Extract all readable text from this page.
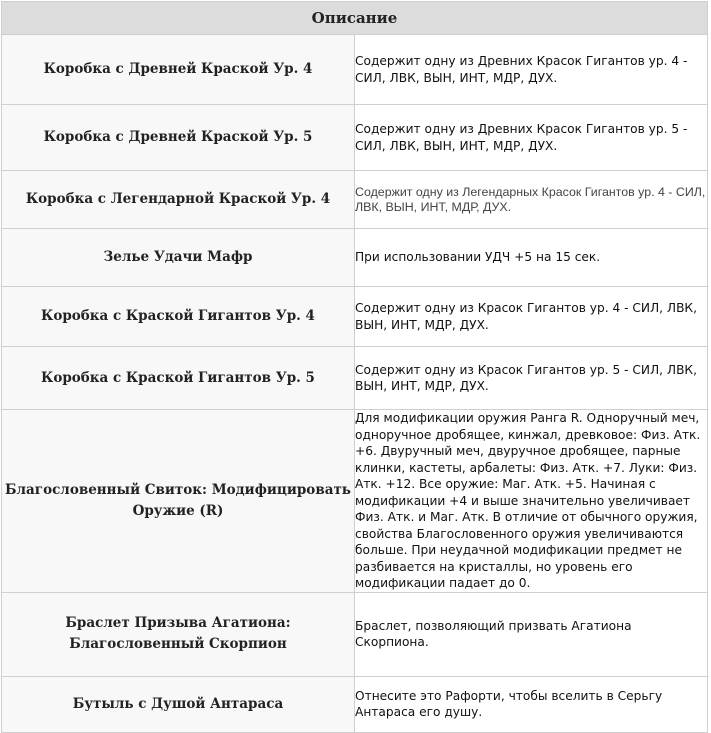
Описание	
Коробка с Древней Краской Ур. 4	Содержит одну из Древних Красок Гигантов ур. 4 - СИЛ, ЛВК, ВЫН, ИНТ, МДР, ДУХ.
Коробка с Древней Краской Ур. 5	Содержит одну из Древних Красок Гигантов ур. 5 - СИЛ, ЛВК, ВЫН, ИНТ, МДР, ДУХ.
Коробка с Легендарной Краской Ур. 4	Содержит одну из Легендарных Красок Гигантов ур. 4 - СИЛ, ЛВК, ВЫН, ИНТ, МДР, ДУХ.
Зелье Удачи Мафр	При использовании УДЧ +5 на 15 сек.
Коробка с Краской Гигантов Ур. 4	Содержит одну из Красок Гигантов ур. 4 - СИЛ, ЛВК, ВЫН, ИНТ, МДР, ДУХ.
Коробка с Краской Гигантов Ур. 5	Содержит одну из Красок Гигантов ур. 5 - СИЛ, ЛВК, ВЫН, ИНТ, МДР, ДУХ.
Благословенный Свиток: Модифицировать Оружие (R)	Для модификации оружия Ранга R. Одноручный меч, одноручное дробящее, кинжал, древковое: Физ. Атк. +6. Двуручный меч, двуручное дробящее, парные клинки, кастеты, арбалеты: Физ. Атк. +7. Луки: Физ. Атк. +12. Все оружие: Маг. Атк. +5. Начиная с модификации +4 и выше значительно увеличивает Физ. Атк. и Маг. Атк. В отличие от обычного оружия, свойства Благословенного оружия увеличиваются больше. При неудачной модификации предмет не разбивается на кристаллы, но уровень его модификации падает до 0.
Браслет Призыва Агатиона: Благословенный Скорпион	Браслет, позволяющий призвать Агатиона Скорпиона.
Бутыль с Душой Антараса	Отнесите это Рафорти, чтобы вселить в Серьгу Антараса его душу.
